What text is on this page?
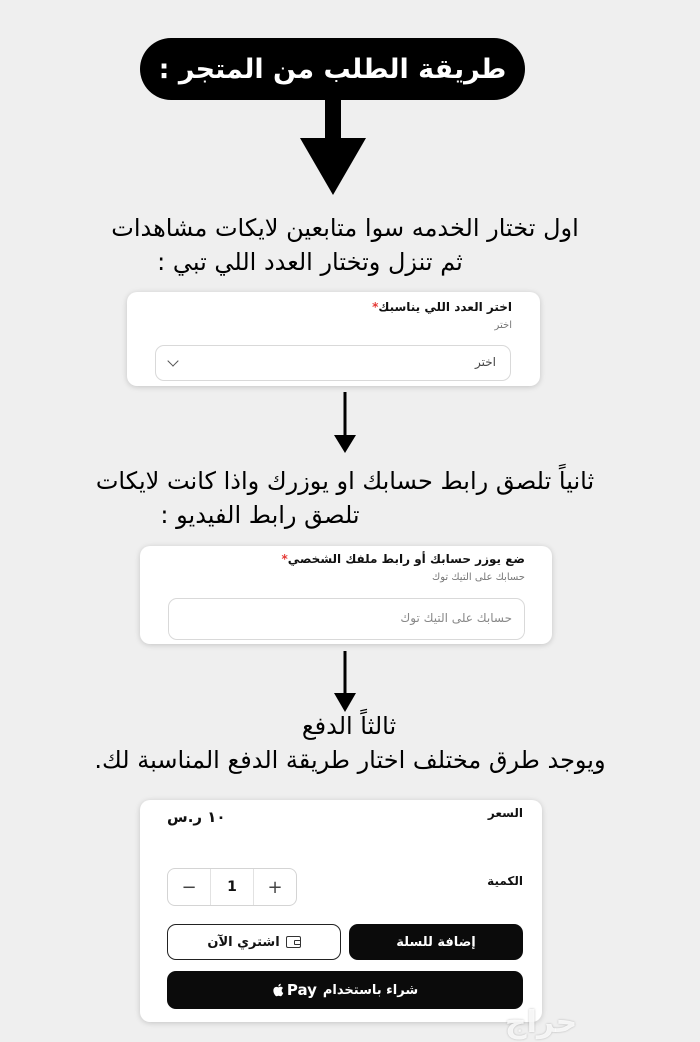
طريقة الطلب من المتجر :
اول تختار الخدمه سوا متابعين لايكات مشاهدات
ثم تنزل وتختار العدد اللي تبي :
اختر العدد اللي يناسبك*
اختر
اختر
ثانياً تلصق رابط حسابك او يوزرك واذا كانت لايكات
تلصق رابط الفيديو :
ضع يوزر حسابك أو رابط ملفك الشخصي*
حسابك على التيك توك
حسابك على التيك توك
ثالثاً الدفع
ويوجد طرق مختلف اختار طريقة الدفع المناسبة لك.
السعر
١٠ ر.س
الكمية
−	1	+
إضافة للسلة
اشتري الآن
شراء باستخدام
Pay
حراج
